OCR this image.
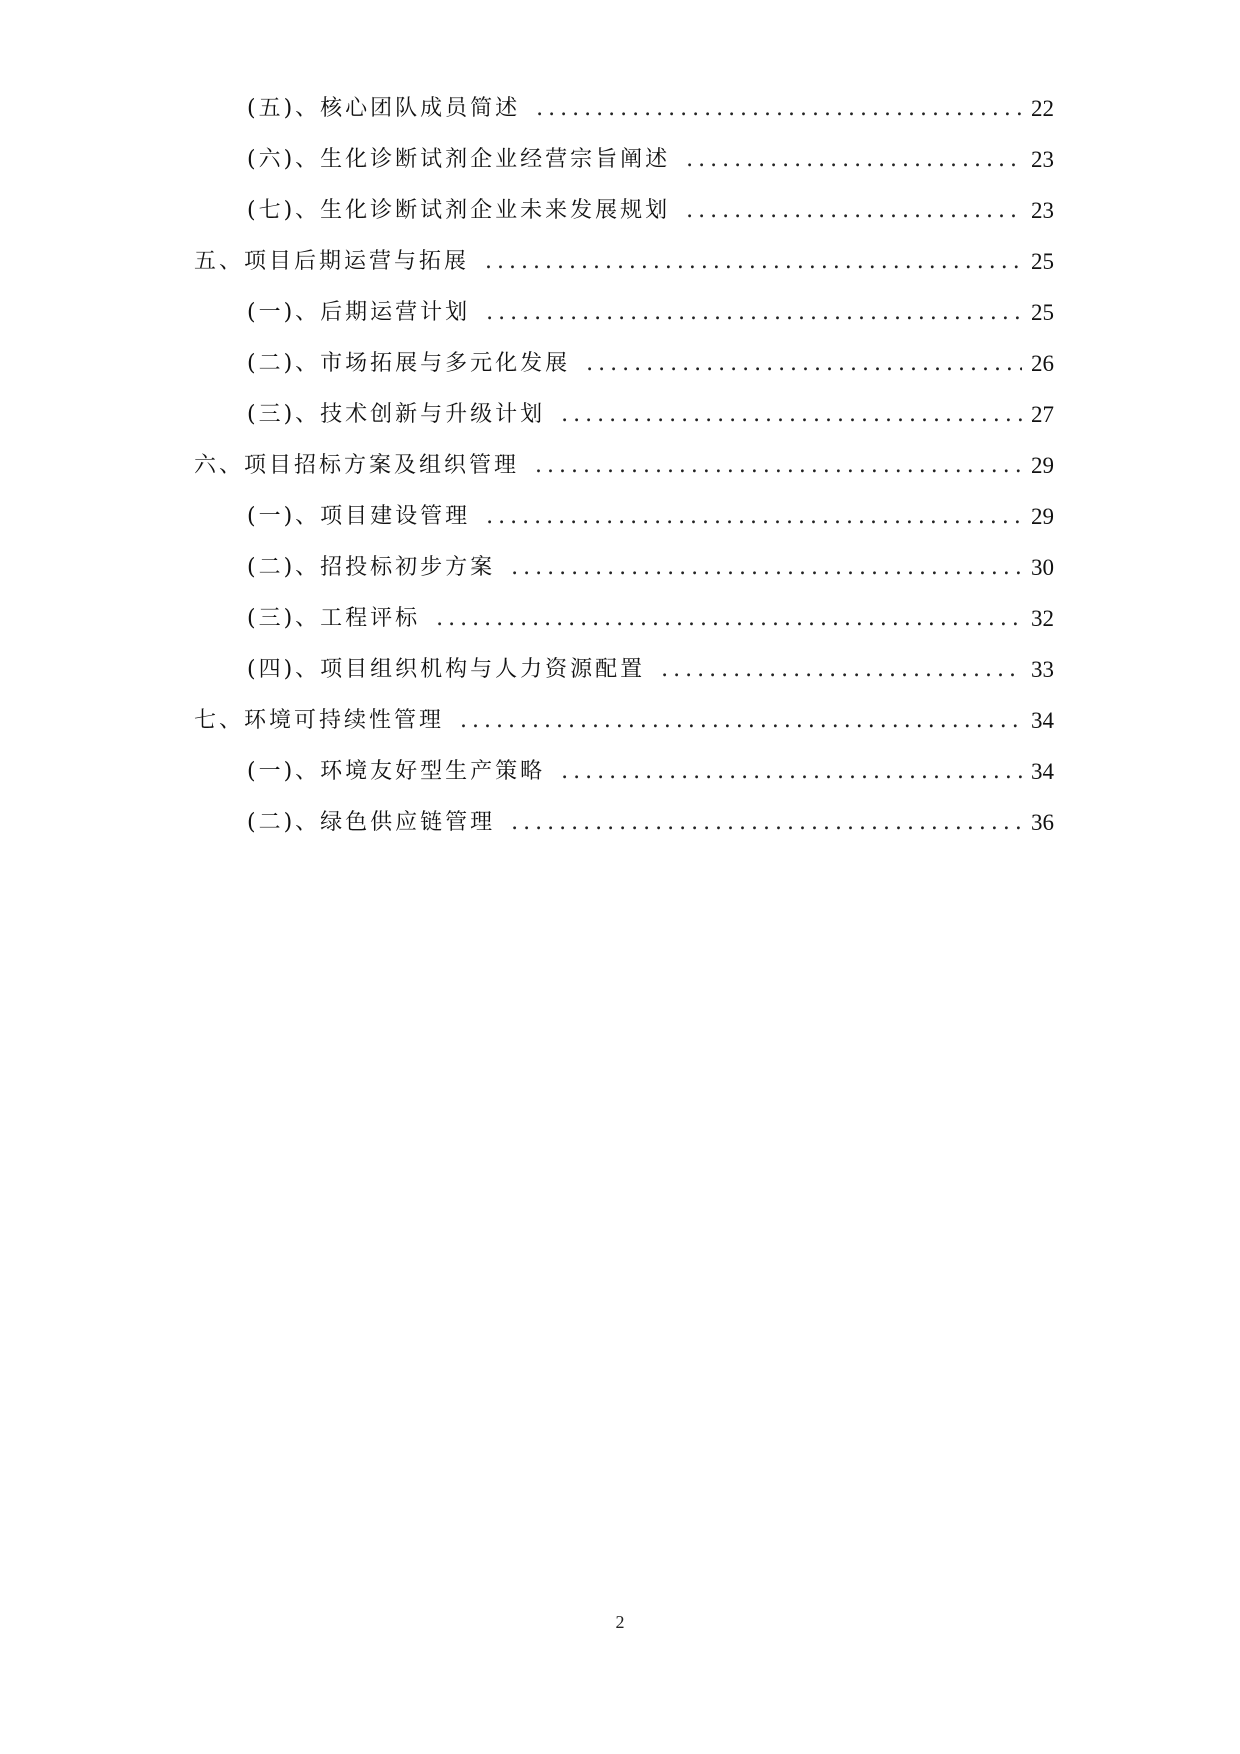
(五)、核心团队成员简述 .....	22
(六)、生化诊断试剂企业经营宗旨阐述 .....	23
(七)、生化诊断试剂企业未来发展规划 .....	23
五、项目后期运营与拓展 .....	25
(一)、后期运营计划 .....	25
(二)、市场拓展与多元化发展 .....	26
(三)、技术创新与升级计划 .....	27
六、项目招标方案及组织管理 .....	29
(一)、项目建设管理 .....	29
(二)、招投标初步方案 .....	30
(三)、工程评标 .....	32
(四)、项目组织机构与人力资源配置 .....	33
七、环境可持续性管理 .....	34
(一)、环境友好型生产策略 .....	34
(二)、绿色供应链管理 .....	36
2
